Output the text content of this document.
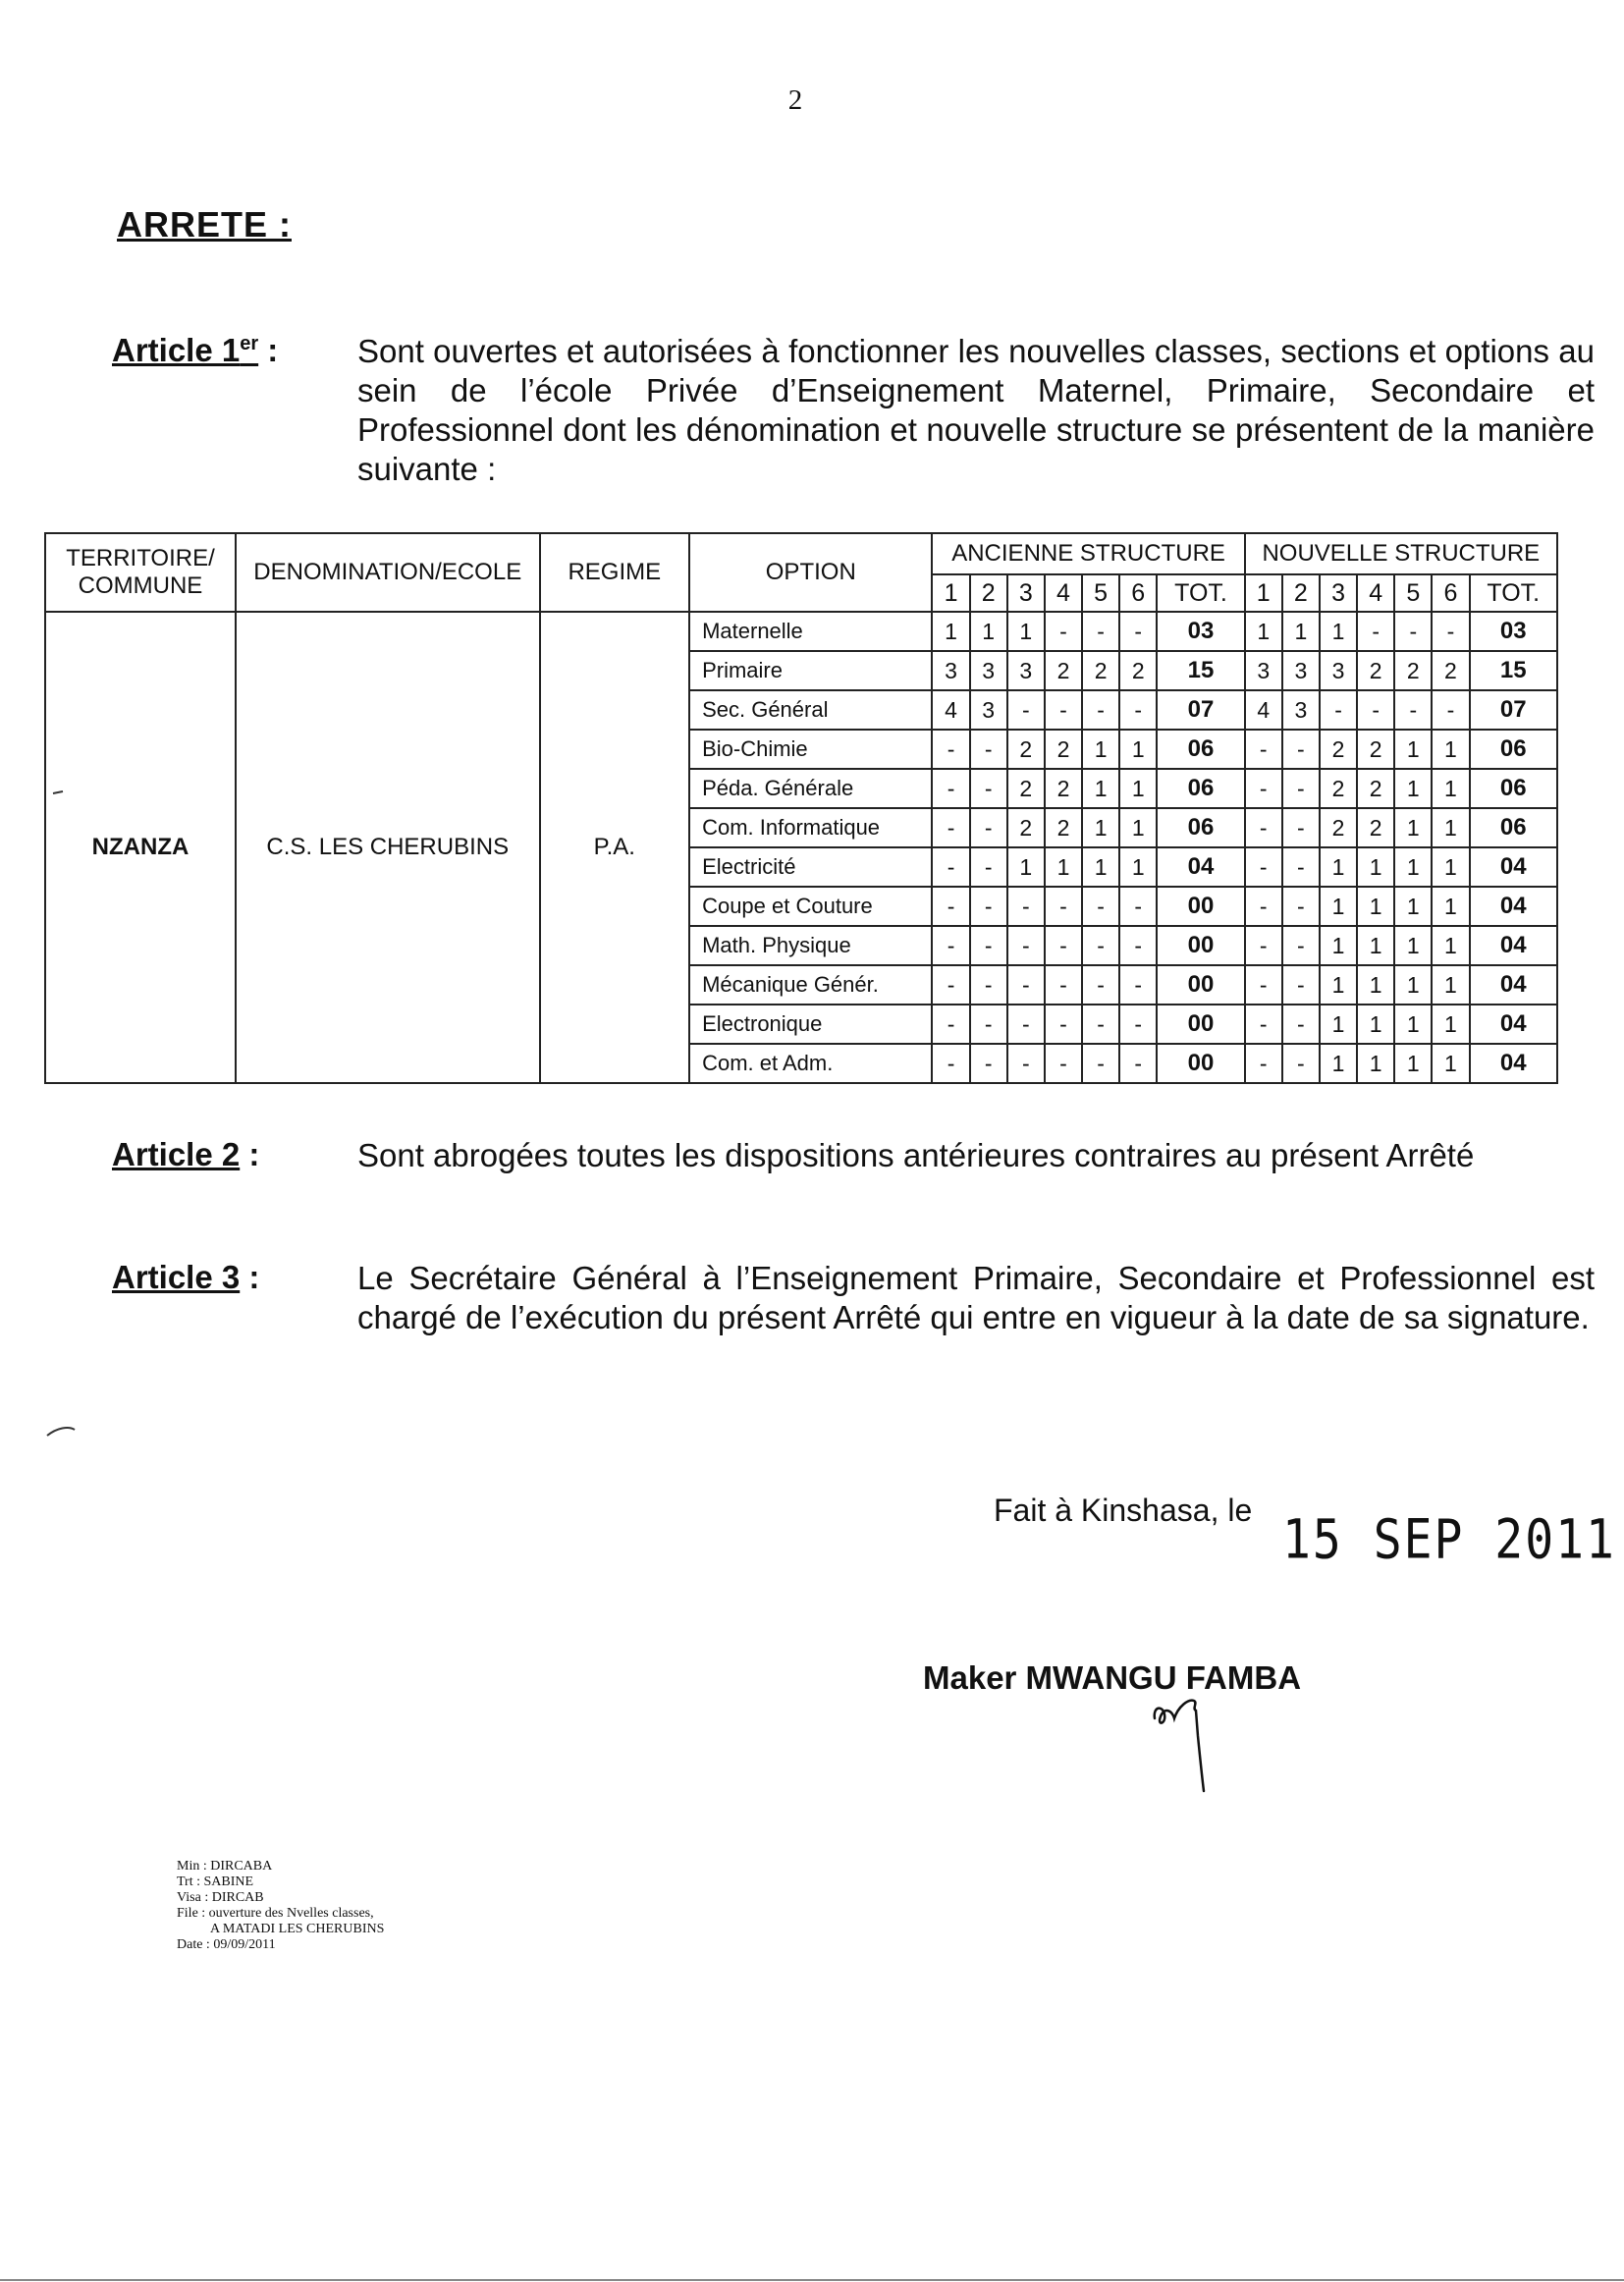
2
ARRETE :
Article 1er : Sont ouvertes et autorisées à fonctionner les nouvelles classes, sections et options au sein de l’école Privée d’Enseignement Maternel, Primaire, Secondaire et Professionnel dont les dénomination et nouvelle structure se présentent de la manière suivante :

TERRITOIRE/ COMMUNE	DENOMINATION/ECOLE	REGIME	OPTION	ANCIENNE STRUCTURE							NOUVELLE STRUCTURE						
				1	2	3	4	5	6	TOT.	1	2	3	4	5	6	TOT.
NZANZA	C.S. LES CHERUBINS	P.A.	Maternelle	1	1	1	-	-	-	03	1	1	1	-	-	-	03
			Primaire	3	3	3	2	2	2	15	3	3	3	2	2	2	15
			Sec. Général	4	3	-	-	-	-	07	4	3	-	-	-	-	07
			Bio-Chimie	-	-	2	2	1	1	06	-	-	2	2	1	1	06
			Péda. Générale	-	-	2	2	1	1	06	-	-	2	2	1	1	06
			Com. Informatique	-	-	2	2	1	1	06	-	-	2	2	1	1	06
			Electricité	-	-	1	1	1	1	04	-	-	1	1	1	1	04
			Coupe et Couture	-	-	-	-	-	-	00	-	-	1	1	1	1	04
			Math. Physique	-	-	-	-	-	-	00	-	-	1	1	1	1	04
			Mécanique Génér.	-	-	-	-	-	-	00	-	-	1	1	1	1	04
			Electronique	-	-	-	-	-	-	00	-	-	1	1	1	1	04
			Com. et Adm.	-	-	-	-	-	-	00	-	-	1	1	1	1	04
Article 2 :	Sont abrogées toutes les dispositions antérieures contraires au présent Arrêté

Article 3 :	Le Secrétaire Général à l’Enseignement Primaire, Secondaire et Professionnel est chargé de l’exécution du présent Arrêté qui entre en vigueur à la date de sa signature.

Fait à Kinshasa, le 15 SEP 2011
Maker MWANGU FAMBA
Min : DIRCABA
Trt : SABINE
Visa : DIRCAB
File : ouverture des Nvelles classes,
A MATADI LES CHERUBINS
Date : 09/09/2011
